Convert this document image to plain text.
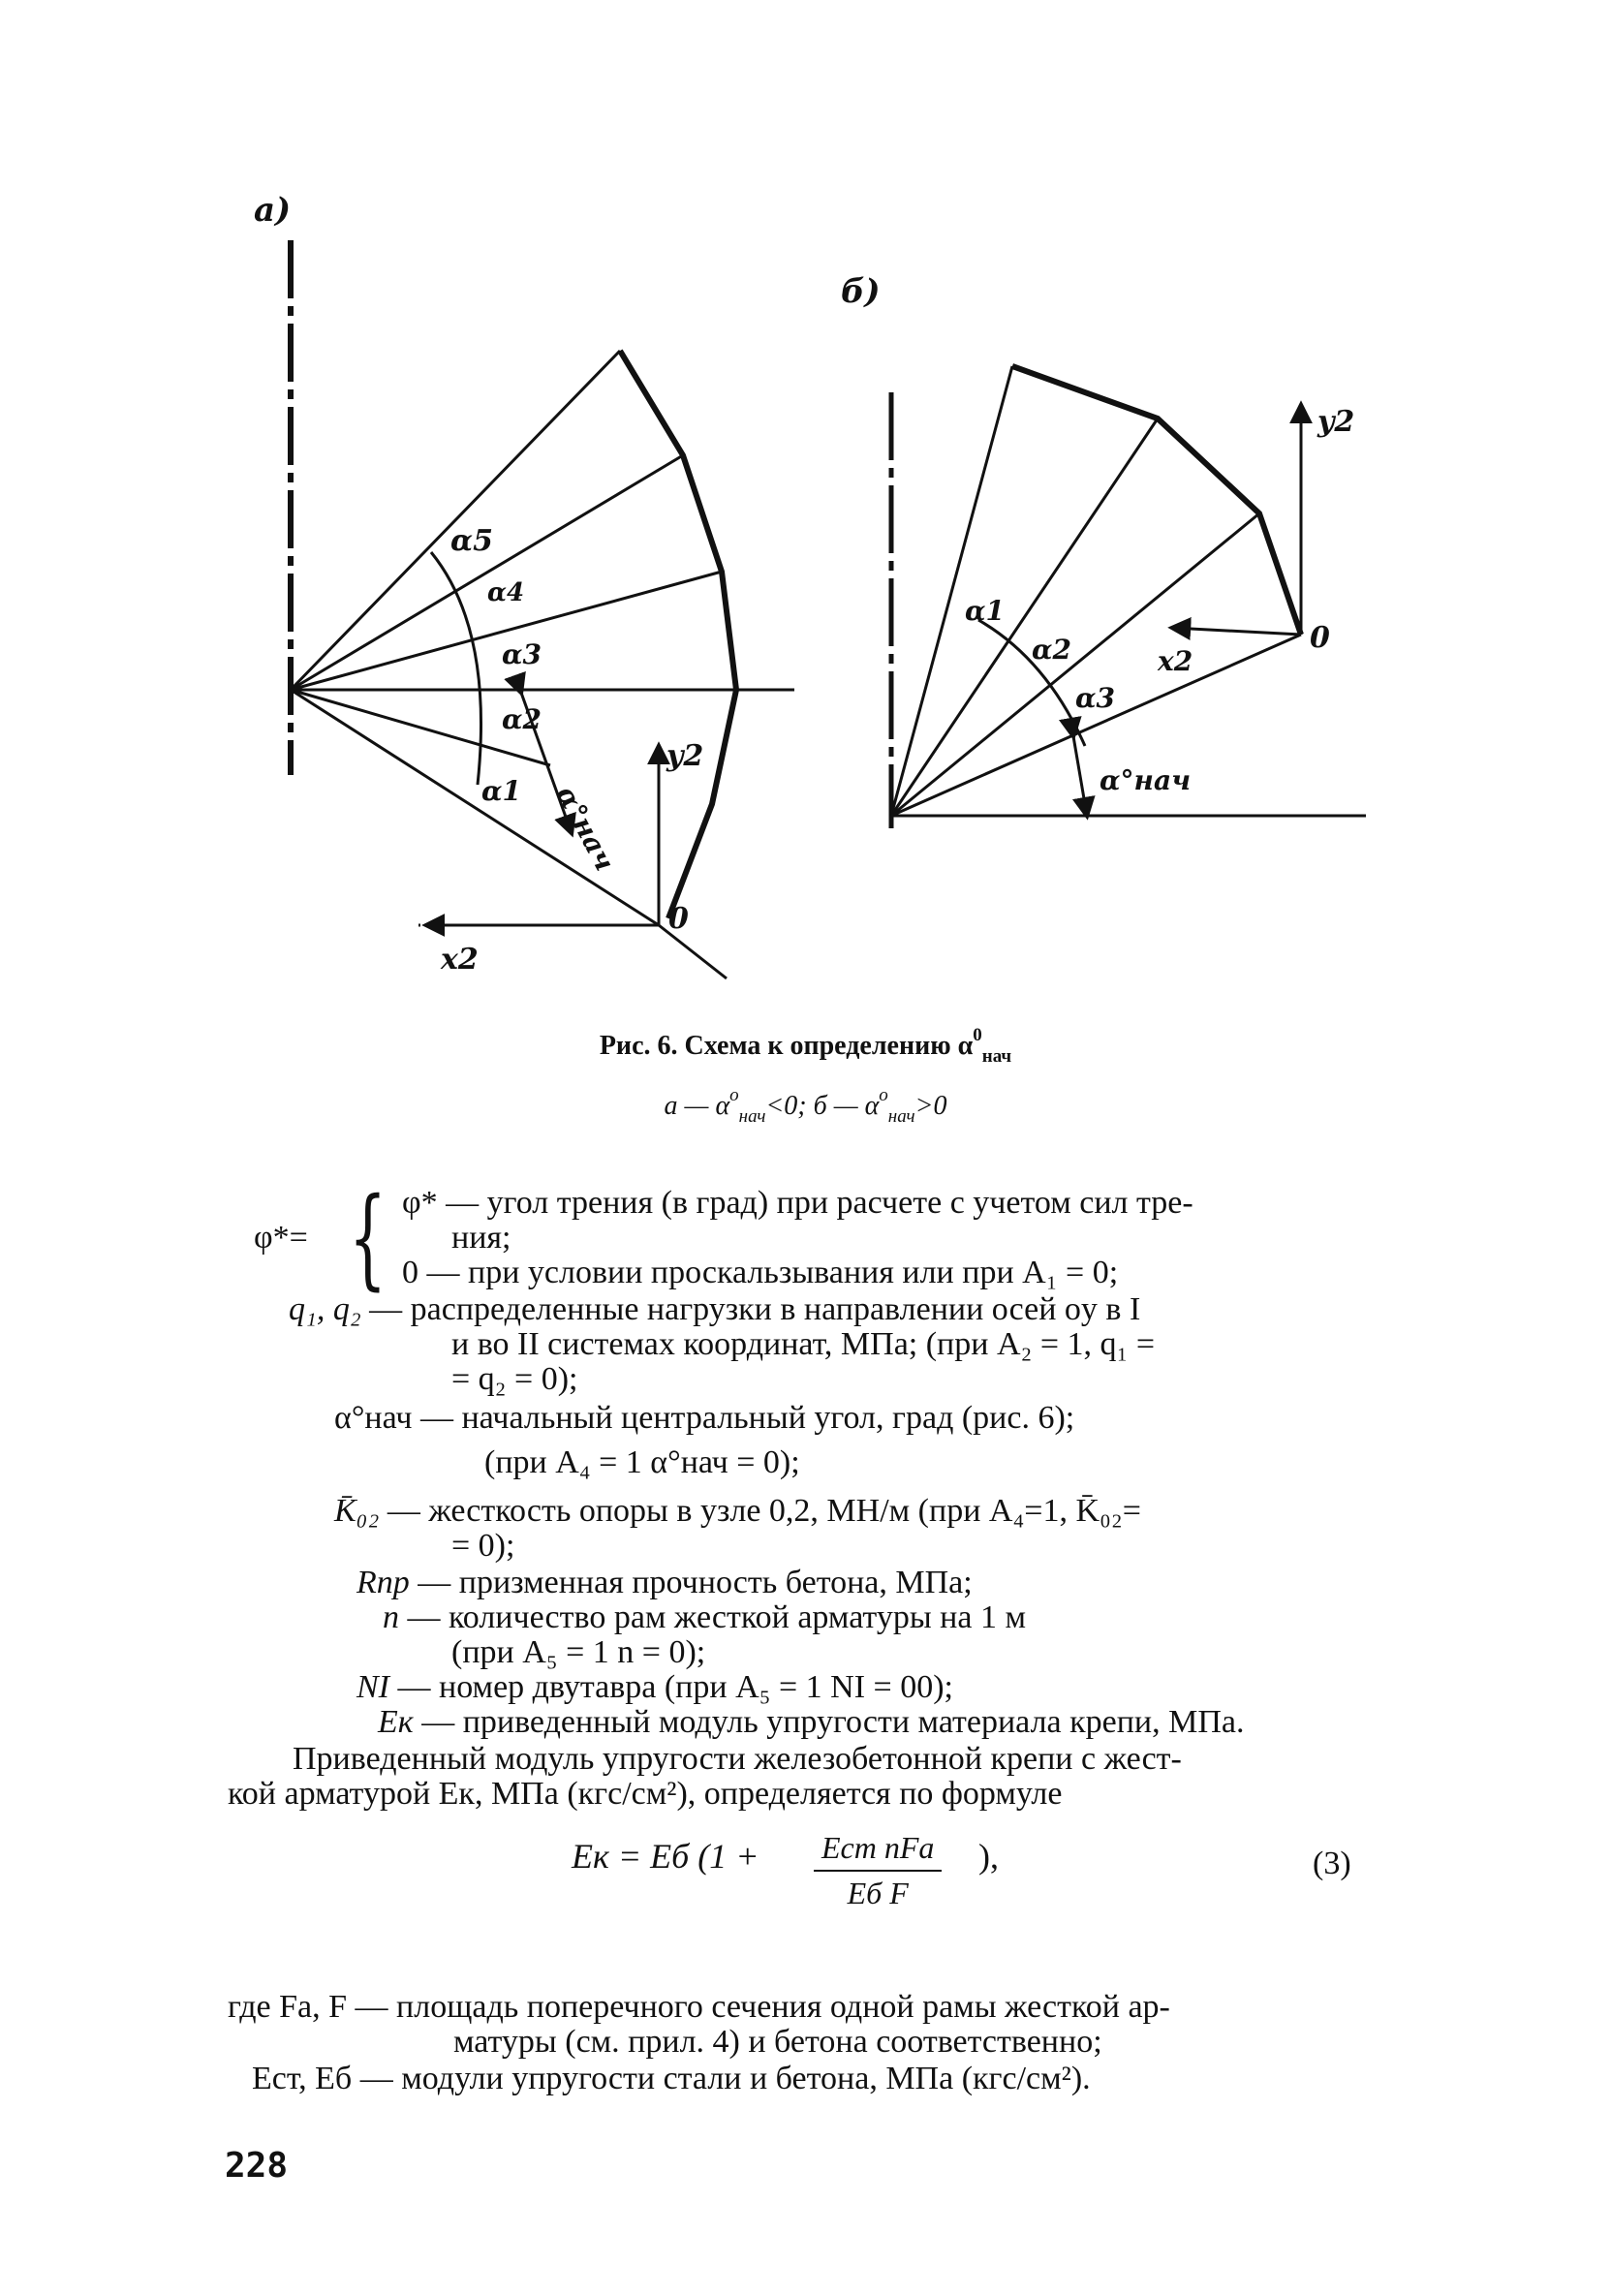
а)
α5
α4
α3
α2
α1 α°нач
y2
0
x2
б)
α1
α2
α3
α°нач
y2
0
x2
Рис. 6. Схема к определению $\alpha^0_{нач}$
а — $\alpha^о_{нач}<0$; б — $\alpha^о_{нач}>0$
φ*= { φ* — угол трения (в град) при расчете с учетом сил тре-
ния;
0 — при условии проскальзывания или при A₁ = 0;
q₁, q₂ — распределенные нагрузки в направлении осей oy в I
и во II системах координат, МПа; (при A₂ = 1, q₁ =
= q₂ = 0);
α°нач — начальный центральный угол, град (рис. 6);
(при A₄ = 1 α°нач = 0);
K̄₀₂ — жесткость опоры в узле 0,2, МН/м (при A₄=1, K̄₀₂=
= 0);
Rпр — призменная прочность бетона, МПа;
n — количество рам жесткой арматуры на 1 м
(при A₅ = 1 n = 0);
NI — номер двутавра (при A₅ = 1 NI = 00);
Eк — приведенный модуль упругости материала крепи, МПа.
Приведенный модуль упругости железобетонной крепи с жест-
кой арматурой Eк, МПа (кгс/см²), определяется по формуле
Eк = Eб (1 + Eст nFа
Eб F
),	(3)
где Fа, F — площадь поперечного сечения одной рамы жесткой ар-
матуры (см. прил. 4) и бетона соответственно;
Eст, Eб — модули упругости стали и бетона, МПа (кгс/см²).
228
